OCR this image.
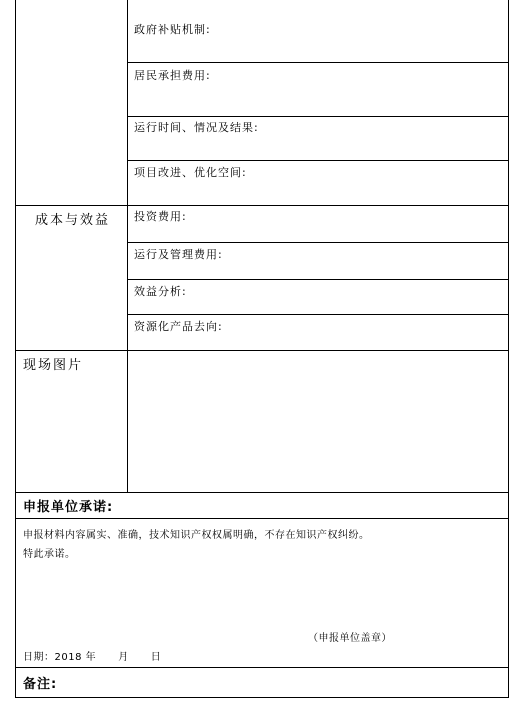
政府补贴机制:
居民承担费用:
运行时间、情况及结果:
项目改进、优化空间:
成本与效益 投资费用:
运行及管理费用:
效益分析:
资源化产品去向:
现场图片
申报单位承诺:
申报材料内容属实、准确，技术知识产权权属明确，不存在知识产权纠纷。
特此承诺。
（申报单位盖章）
日期：2018 年      月      日
备注:
